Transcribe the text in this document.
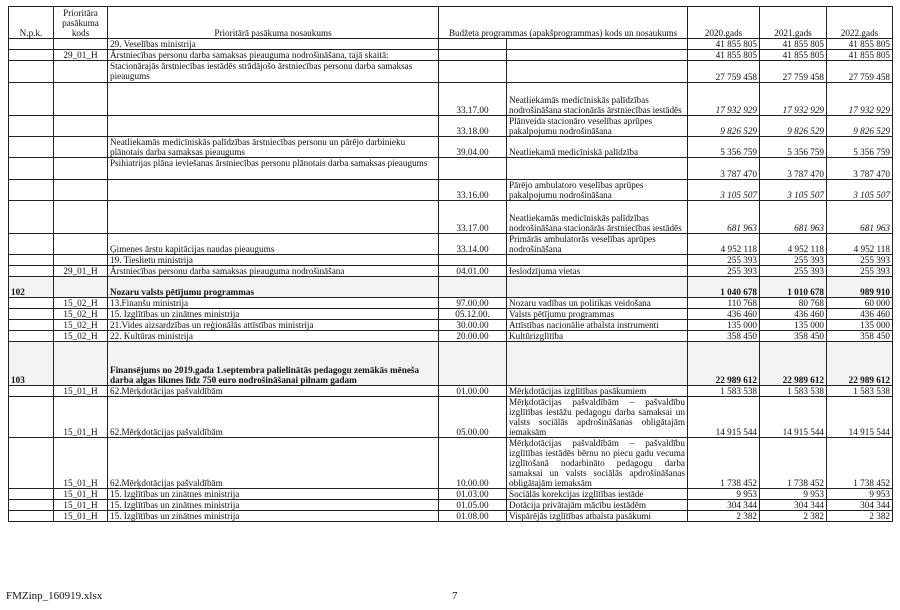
N.p.k.	Prioritāra pasākuma kods	Prioritārā pasākuma nosaukums	Budžeta programmas (apakšprogrammas) kods un nosaukums		2020.gads	2021.gads	2022.gads
		29. Veselības ministrija			41 855 805	41 855 805	41 855 805
	29_01_H	Ārstniecības personu darba samaksas pieauguma nodrošināšana, tajā skaitā:			41 855 805	41 855 805	41 855 805
		Stacionārajās ārstniecības iestādēs strādājošo ārstniecības personu darba samaksas pieaugums			27 759 458	27 759 458	27 759 458
			33.17.00	Neatliekamās medicīniskās palīdzības nodrošināšana stacionārās ārstniecības iestādēs	17 932 929	17 932 929	17 932 929
			33.18.00	Plānveida stacionāro veselības aprūpes pakalpojumu nodrošināšana	9 826 529	9 826 529	9 826 529
		Neatliekamās medicīniskās palīdzības ārstniecības personu un pārējo darbinieku plānotais darba samaksas pieaugums	39.04.00	Neatliekamā medicīniskā palīdzība	5 356 759	5 356 759	5 356 759
		Psihiatrijas plāna ieviešanas ārstniecības personu plānotais darba samaksas pieaugums			3 787 470	3 787 470	3 787 470
			33.16.00	Pārējo ambulatoro veselības aprūpes pakalpojumu nodrošināšana	3 105 507	3 105 507	3 105 507
			33.17.00	Neatliekamās medicīniskās palīdzības nodrošināšana stacionārās ārstniecības iestādēs	681 963	681 963	681 963
		Ģimenes ārstu kapitācijas naudas pieaugums	33.14.00	Primārās ambulatorās veselības aprūpes nodrošināšana	4 952 118	4 952 118	4 952 118
		19. Tieslietu ministrija			255 393	255 393	255 393
	29_01_H	Ārstniecības personu darba samaksas pieauguma nodrošināšana	04.01.00	Ieslodzījuma vietas	255 393	255 393	255 393
102		Nozaru valsts pētījumu programmas			1 040 678	1 010 678	989 910
	15_02_H	13.Finanšu ministrija	97.00.00	Nozaru vadības un politikas veidošana	110 768	80 768	60 000
	15_02_H	15. Izglītības un zinātnes ministrija	05.12.00.	Valsts pētījumu programmas	436 460	436 460	436 460
	15_02_H	21.Vides aizsardzības un reģionālās attīstības ministrija	30.00.00	Attīstības nacionālie atbalsta instrumenti	135 000	135 000	135 000
	15_02_H	22. Kultūras ministrija	20.00.00	Kultūrizglītība	358 450	358 450	358 450
103		Finansējums no 2019.gada 1.septembra palielinātās pedagogu zemākās mēneša darba algas likmes līdz 750 euro nodrošināšanai pilnam gadam			22 989 612	22 989 612	22 989 612
	15_01_H	62.Mērķdotācijas pašvaldībām	01.00.00	Mērķdotācijas izglītības pasākumiem	1 583 538	1 583 538	1 583 538
	15_01_H	62.Mērķdotācijas pašvaldībām	05.00.00	Mērķdotācijas pašvaldībām – pašvaldību izglītības iestāžu pedagogu darba samaksai un valsts sociālās apdrošināšanas obligātajām iemaksām	14 915 544	14 915 544	14 915 544
	15_01_H	62.Mērķdotācijas pašvaldībām	10.00.00	Mērķdotācijas pašvaldībām – pašvaldību izglītības iestādēs bērnu no piecu gadu vecuma izglītošanā nodarbināto pedagogu darba samaksai un valsts sociālās apdrošināšanas obligātajām iemaksām	1 738 452	1 738 452	1 738 452
	15_01_H	15. Izglītības un zinātnes ministrija	01.03.00	Sociālās korekcijas izglītības iestāde	9 953	9 953	9 953
	15_01_H	15. Izglītības un zinātnes ministrija	01.05.00	Dotācija privātajām mācību iestādēm	304 344	304 344	304 344
	15_01_H	15. Izglītības un zinātnes ministrija	01.08.00	Vispārējās izglītības atbalsta pasākumi	2 382	2 382	2 382
FMZinp_160919.xlsx	7
